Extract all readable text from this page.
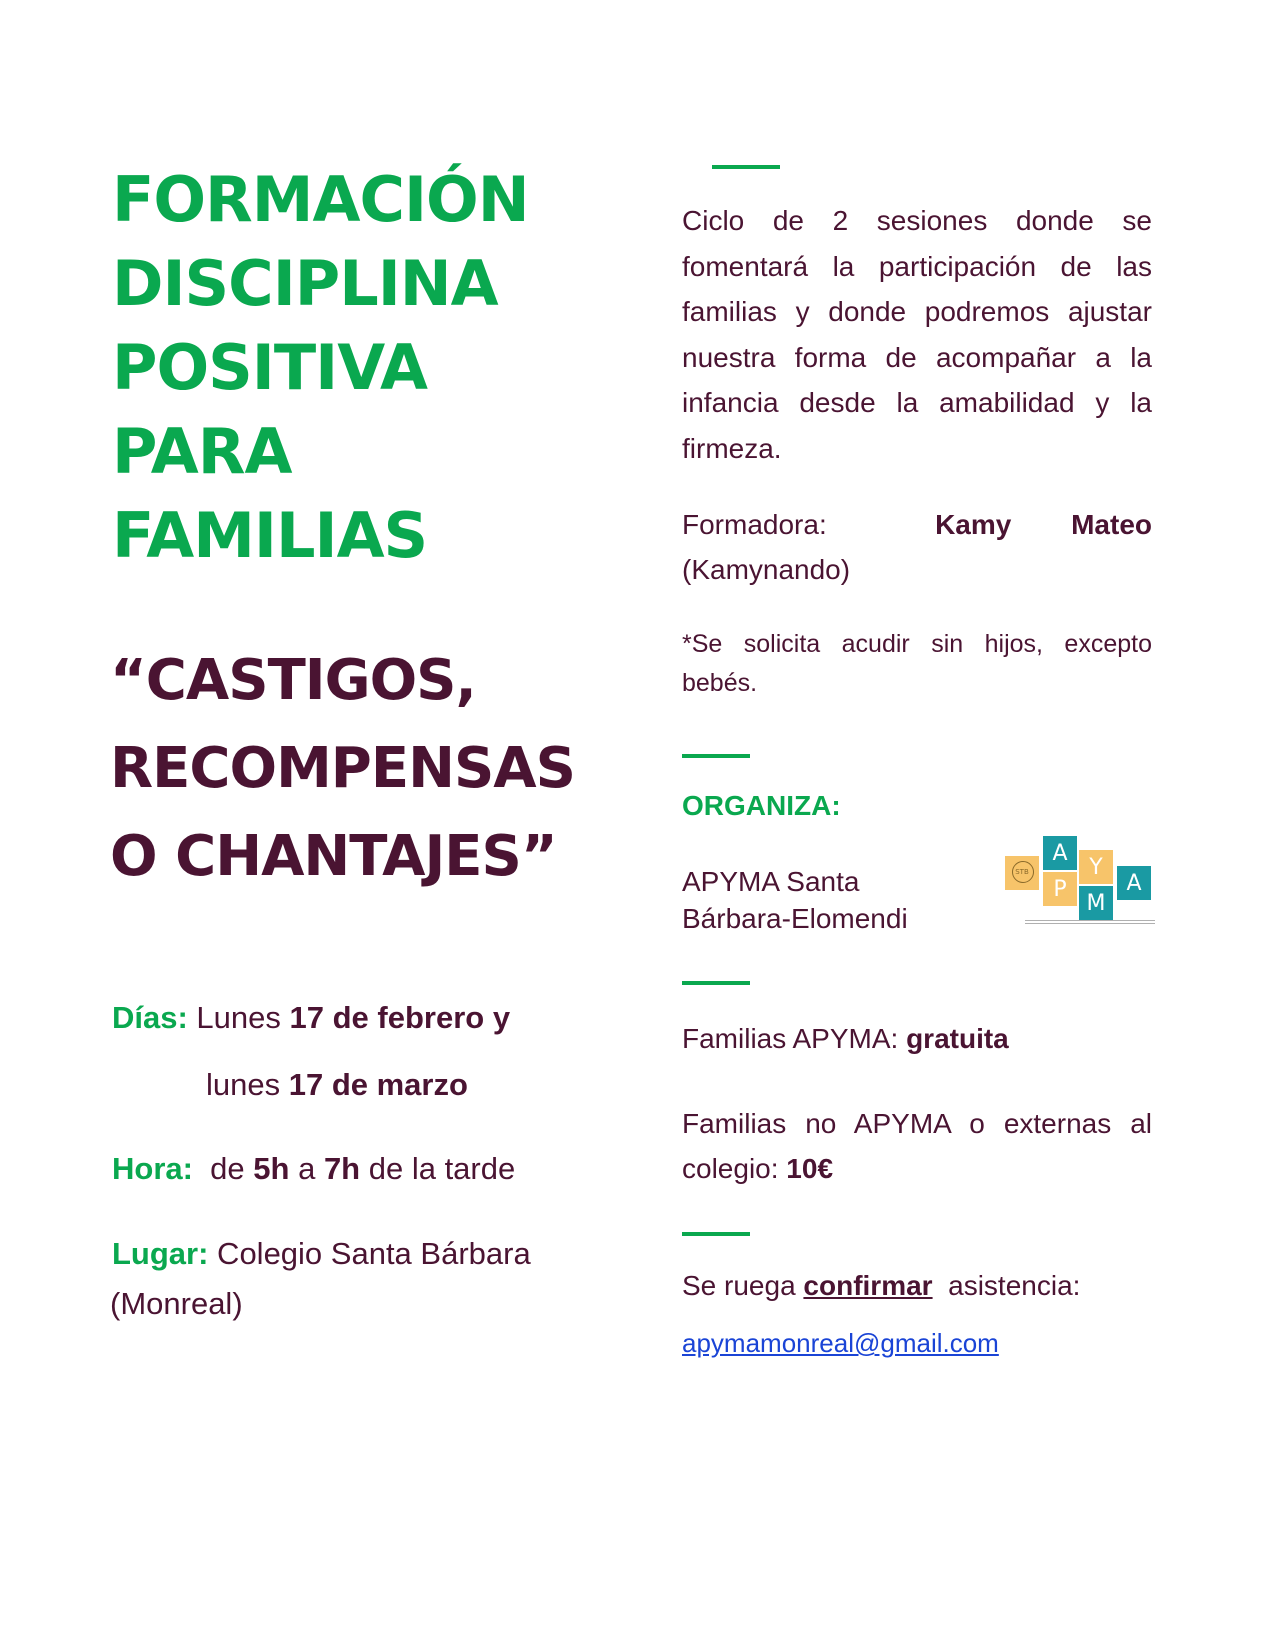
FORMACIÓN
DISCIPLINA
POSITIVA
PARA
FAMILIAS
“CASTIGOS,
RECOMPENSAS
O CHANTAJES”
Días: Lunes 17 de febrero y
lunes 17 de marzo
Hora:  de 5h a 7h de la tarde
Lugar: Colegio Santa Bárbara
(Monreal)
Ciclo de 2 sesiones donde se fomentará la participación de las familias y donde podremos ajustar nuestra forma de acompañar a la infancia desde la amabilidad y la firmeza.
Formadora:	Kamy Mateo
(Kamynando)
*Se solicita acudir sin hijos, excepto bebés.
ORGANIZA:
APYMA Santa
Bárbara-Elomendi
STB
A
Y
P
M
A
Familias APYMA: gratuita
Familias no APYMA o externas al colegio: 10€
Se ruega confirmar  asistencia:
apymamonreal@gmail.com
